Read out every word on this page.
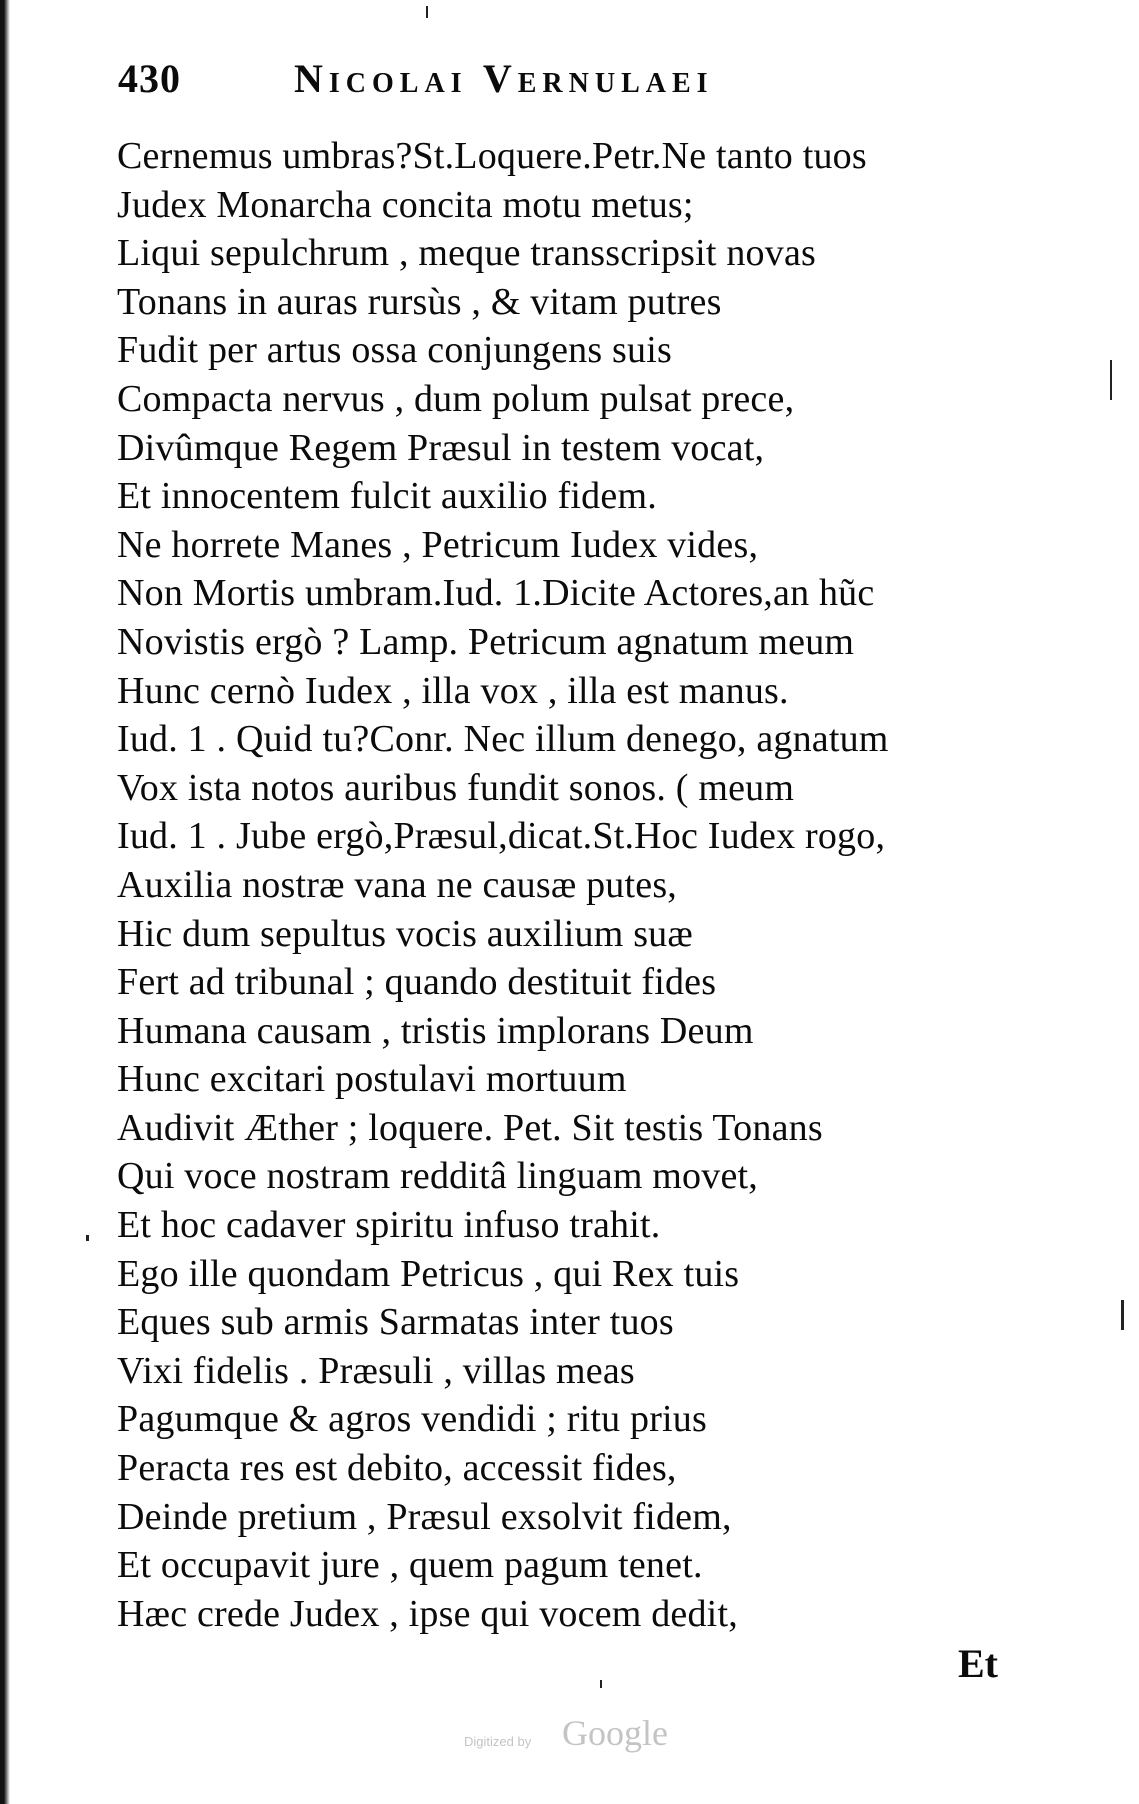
430	Nicolai Vernulaei
Cernemus umbras?St.Loquere.Petr.Ne tanto tuos
Judex Monarcha concita motu metus;
Liqui sepulchrum , meque transscripsit novas
Tonans in auras rursùs , & vitam putres
Fudit per artus ossa conjungens suis
Compacta nervus , dum polum pulsat prece,
Divûmque Regem Præsul in testem vocat,
Et innocentem fulcit auxilio fidem.
Ne horrete Manes , Petricum Iudex vides,
Non Mortis umbram.Iud. 1.Dicite Actores,an hũc
Novistis ergò ? Lamp. Petricum agnatum meum
Hunc cernò Iudex , illa vox , illa est manus.
Iud. 1 . Quid tu?Conr. Nec illum denego, agnatum
Vox ista notos auribus fundit sonos. ( meum
Iud. 1 . Jube ergò,Præsul,dicat.St.Hoc Iudex rogo,
Auxilia nostræ vana ne causæ putes,
Hic dum sepultus vocis auxilium suæ
Fert ad tribunal ; quando destituit fides
Humana causam , tristis implorans Deum
Hunc excitari postulavi mortuum
Audivit Æther ; loquere. Pet. Sit testis Tonans
Qui voce nostram redditâ linguam movet,
Et hoc cadaver spiritu infuso trahit.
Ego ille quondam Petricus , qui Rex tuis
Eques sub armis Sarmatas inter tuos
Vixi fidelis . Præsuli , villas meas
Pagumque & agros vendidi ; ritu prius
Peracta res est debito, accessit fides,
Deinde pretium , Præsul exsolvit fidem,
Et occupavit jure , quem pagum tenet.
Hæc crede Judex , ipse qui vocem dedit,
Et
Digitized by Google
